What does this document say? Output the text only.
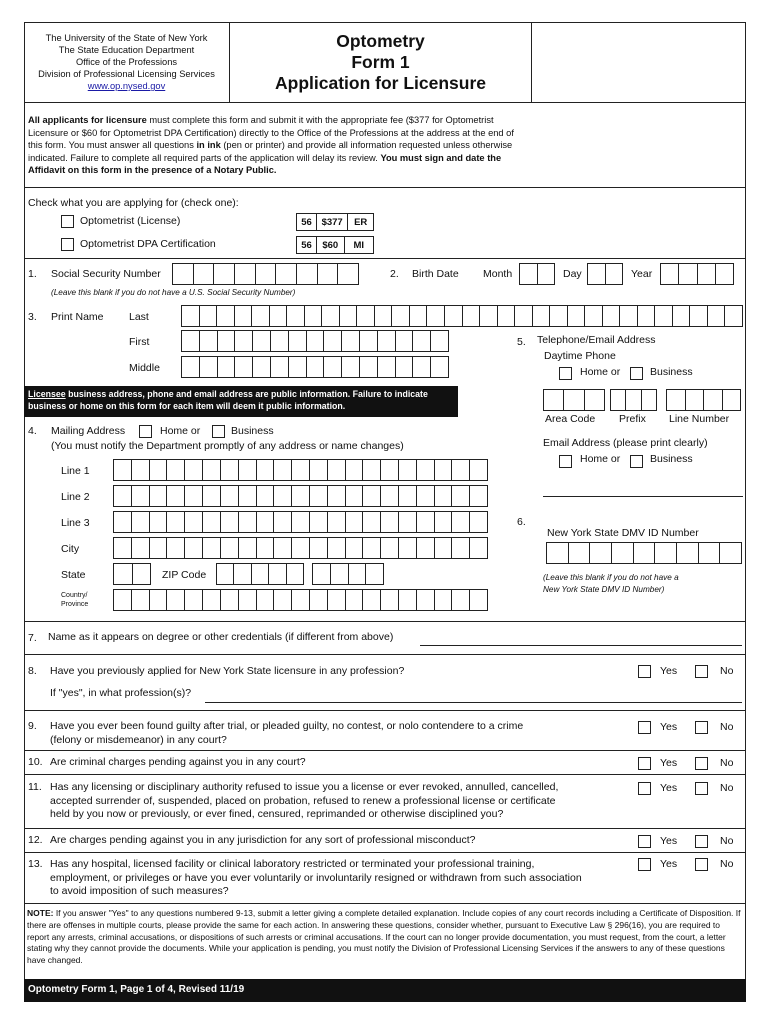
The University of the State of New York
The State Education Department
Office of the Professions
Division of Professional Licensing Services
www.op.nysed.gov
Optometry
Form 1
Application for Licensure
All applicants for licensure must complete this form and submit it with the appropriate fee ($377 for Optometrist Licensure or $60 for Optometrist DPA Certification) directly to the Office of the Professions at the address at the end of this form. You must answer all questions in ink (pen or printer) and provide all information requested unless otherwise indicated. Failure to complete all required parts of the application will delay its review. You must sign and date the Affidavit on this form in the presence of a Notary Public.
Check what you are applying for (check one):
Optometrist (License)	56	$377	ER
Optometrist DPA Certification	56	$60	MI
1. Social Security Number
(Leave this blank if you do not have a U.S. Social Security Number)
2. Birth Date Month	Day	Year
3. Print Name Last
First
Middle
5. Telephone/Email Address
Daytime Phone
Home or	Business
Area Code Prefix Line Number
Email Address (please print clearly)
Home or	Business
Licensee business address, phone and email address are public information. Failure to indicate business or home on this form for each item will deem it public information.
4. Mailing Address	Home or	Business
(You must notify the Department promptly of any address or name changes)
Line 1
Line 2
Line 3
City
State	ZIP Code
Country/
Province
6.
New York State DMV ID Number
(Leave this blank if you do not have a
New York State DMV ID Number)
7. Name as it appears on degree or other credentials (if different from above)
8. Have you previously applied for New York State licensure in any profession?
If "yes", in what profession(s)?
Yes	No
9. Have you ever been found guilty after trial, or pleaded guilty, no contest, or nolo contendere to a crime
(felony or misdemeanor) in any court?
Yes	No
10. Are criminal charges pending against you in any court?	Yes	No
11. Has any licensing or disciplinary authority refused to issue you a license or ever revoked, annulled, cancelled,
accepted surrender of, suspended, placed on probation, refused to renew a professional license or certificate
held by you now or previously, or ever fined, censured, reprimanded or otherwise disciplined you?
Yes	No
12. Are charges pending against you in any jurisdiction for any sort of professional misconduct?	Yes	No
13. Has any hospital, licensed facility or clinical laboratory restricted or terminated your professional training,
employment, or privileges or have you ever voluntarily or involuntarily resigned or withdrawn from such association
to avoid imposition of such measures?
Yes	No
NOTE: If you answer "Yes" to any questions numbered 9-13, submit a letter giving a complete detailed explanation. Include copies of any court records including a Certificate of Disposition. If there are offenses in multiple courts, please provide the same for each action. In answering these questions, consider whether, pursuant to Executive Law § 296(16), you are required to report any arrests, criminal accusations, or dispositions of such arrests or criminal accusations. If the court can no longer provide documentation, you must request, from the court, a letter stating why they cannot provide the documents. While your application is pending, you must notify the Division of Professional Licensing Services if the answers to any of these questions have changed.
Optometry Form 1, Page 1 of 4, Revised 11/19
